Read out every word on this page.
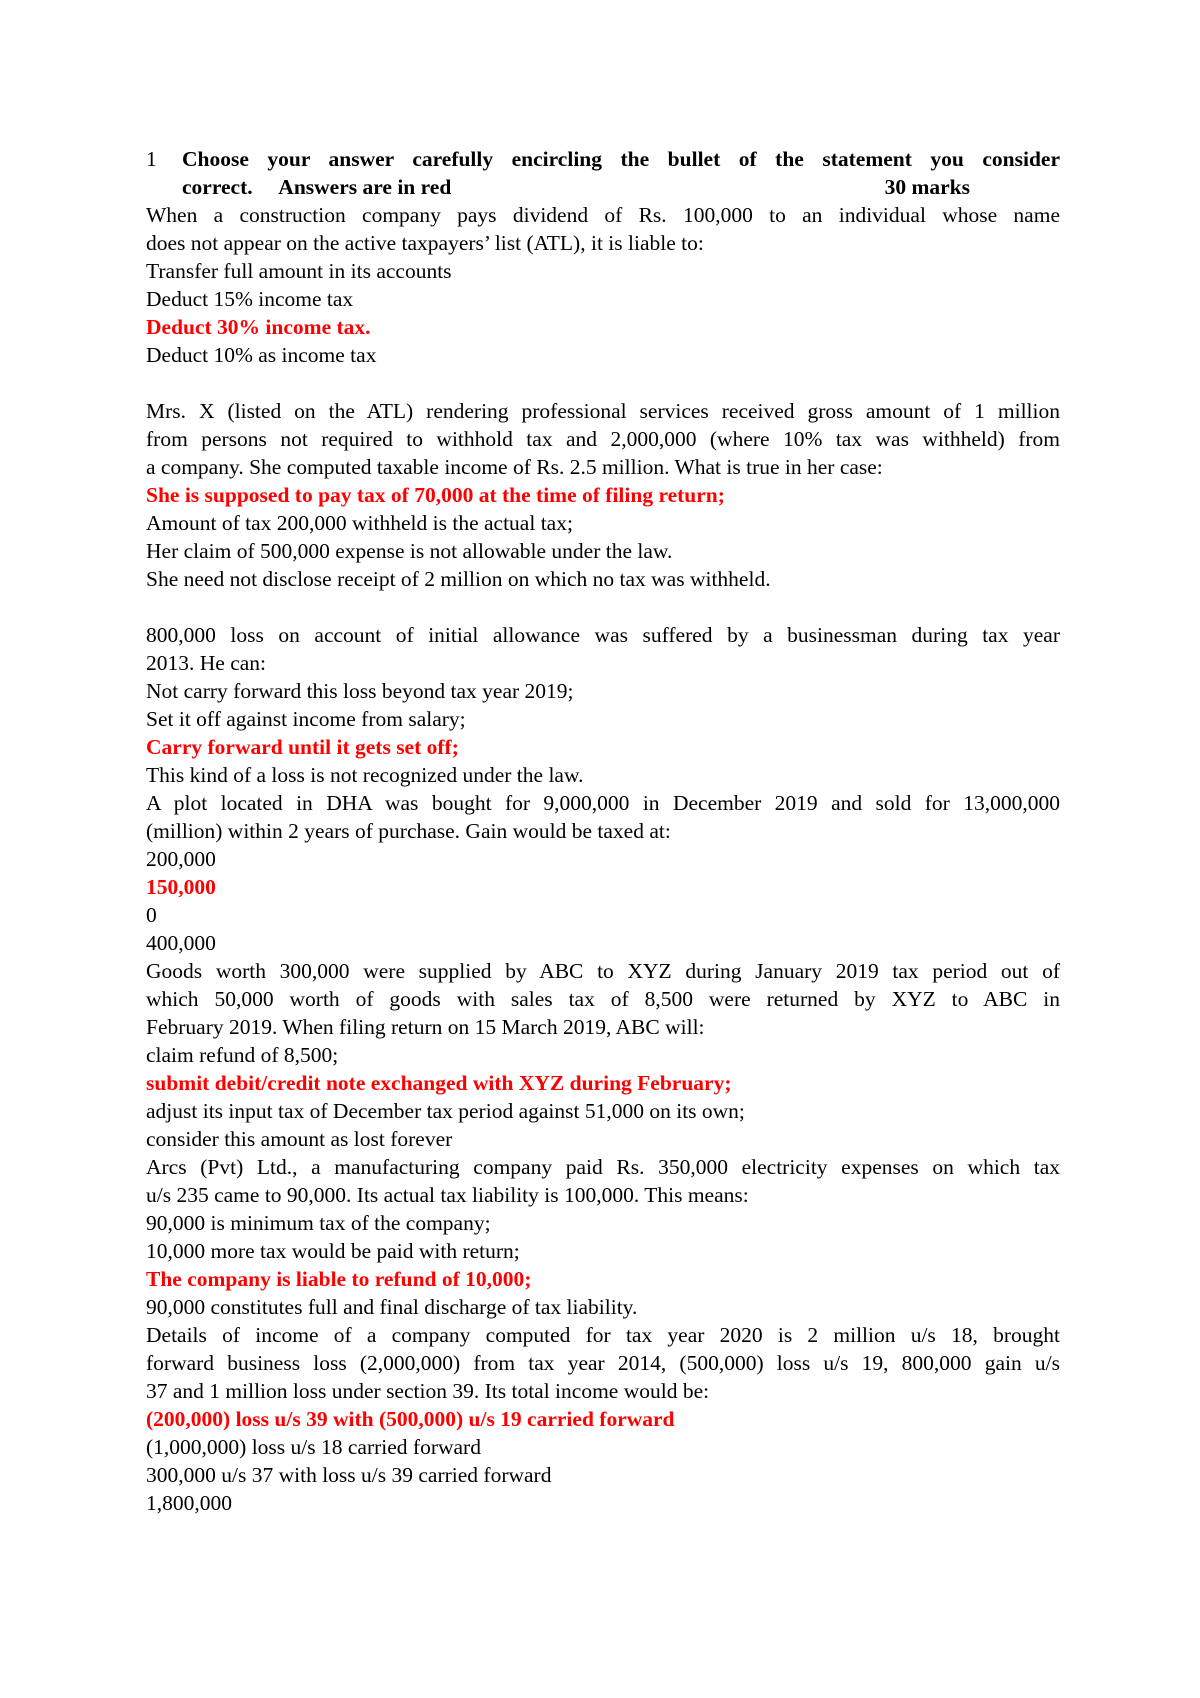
1	Choose your answer carefully encircling the bullet of the statement you consider
correct.     Answers are in red	30 marks
When a construction company pays dividend of Rs. 100,000 to an individual whose name
does not appear on the active taxpayers’ list (ATL), it is liable to:
Transfer full amount in its accounts
Deduct 15% income tax
Deduct 30% income tax.
Deduct 10% as income tax
Mrs. X (listed on the ATL) rendering professional services received gross amount of 1 million
from persons not required to withhold tax and 2,000,000 (where 10% tax was withheld) from
a company. She computed taxable income of Rs. 2.5 million. What is true in her case:
She is supposed to pay tax of 70,000 at the time of filing return;
Amount of tax 200,000 withheld is the actual tax;
Her claim of 500,000 expense is not allowable under the law.
She need not disclose receipt of 2 million on which no tax was withheld.
800,000 loss on account of initial allowance was suffered by a businessman during tax year
2013. He can:
Not carry forward this loss beyond tax year 2019;
Set it off against income from salary;
Carry forward until it gets set off;
This kind of a loss is not recognized under the law.
A plot located in DHA was bought for 9,000,000 in December 2019 and sold for 13,000,000
(million) within 2 years of purchase. Gain would be taxed at:
200,000
150,000
0
400,000
Goods worth 300,000 were supplied by ABC to XYZ during January 2019 tax period out of
which 50,000 worth of goods with sales tax of 8,500 were returned by XYZ to ABC in
February 2019. When filing return on 15 March 2019, ABC will:
claim refund of 8,500;
submit debit/credit note exchanged with XYZ during February;
adjust its input tax of December tax period against 51,000 on its own;
consider this amount as lost forever
Arcs (Pvt) Ltd., a manufacturing company paid Rs. 350,000 electricity expenses on which tax
u/s 235 came to 90,000. Its actual tax liability is 100,000. This means:
90,000 is minimum tax of the company;
10,000 more tax would be paid with return;
The company is liable to refund of 10,000;
90,000 constitutes full and final discharge of tax liability.
Details of income of a company computed for tax year 2020 is 2 million u/s 18, brought
forward business loss (2,000,000) from tax year 2014, (500,000) loss u/s 19, 800,000 gain u/s
37 and 1 million loss under section 39. Its total income would be:
(200,000) loss u/s 39 with (500,000) u/s 19 carried forward
(1,000,000) loss u/s 18 carried forward
300,000 u/s 37 with loss u/s 39 carried forward
1,800,000
